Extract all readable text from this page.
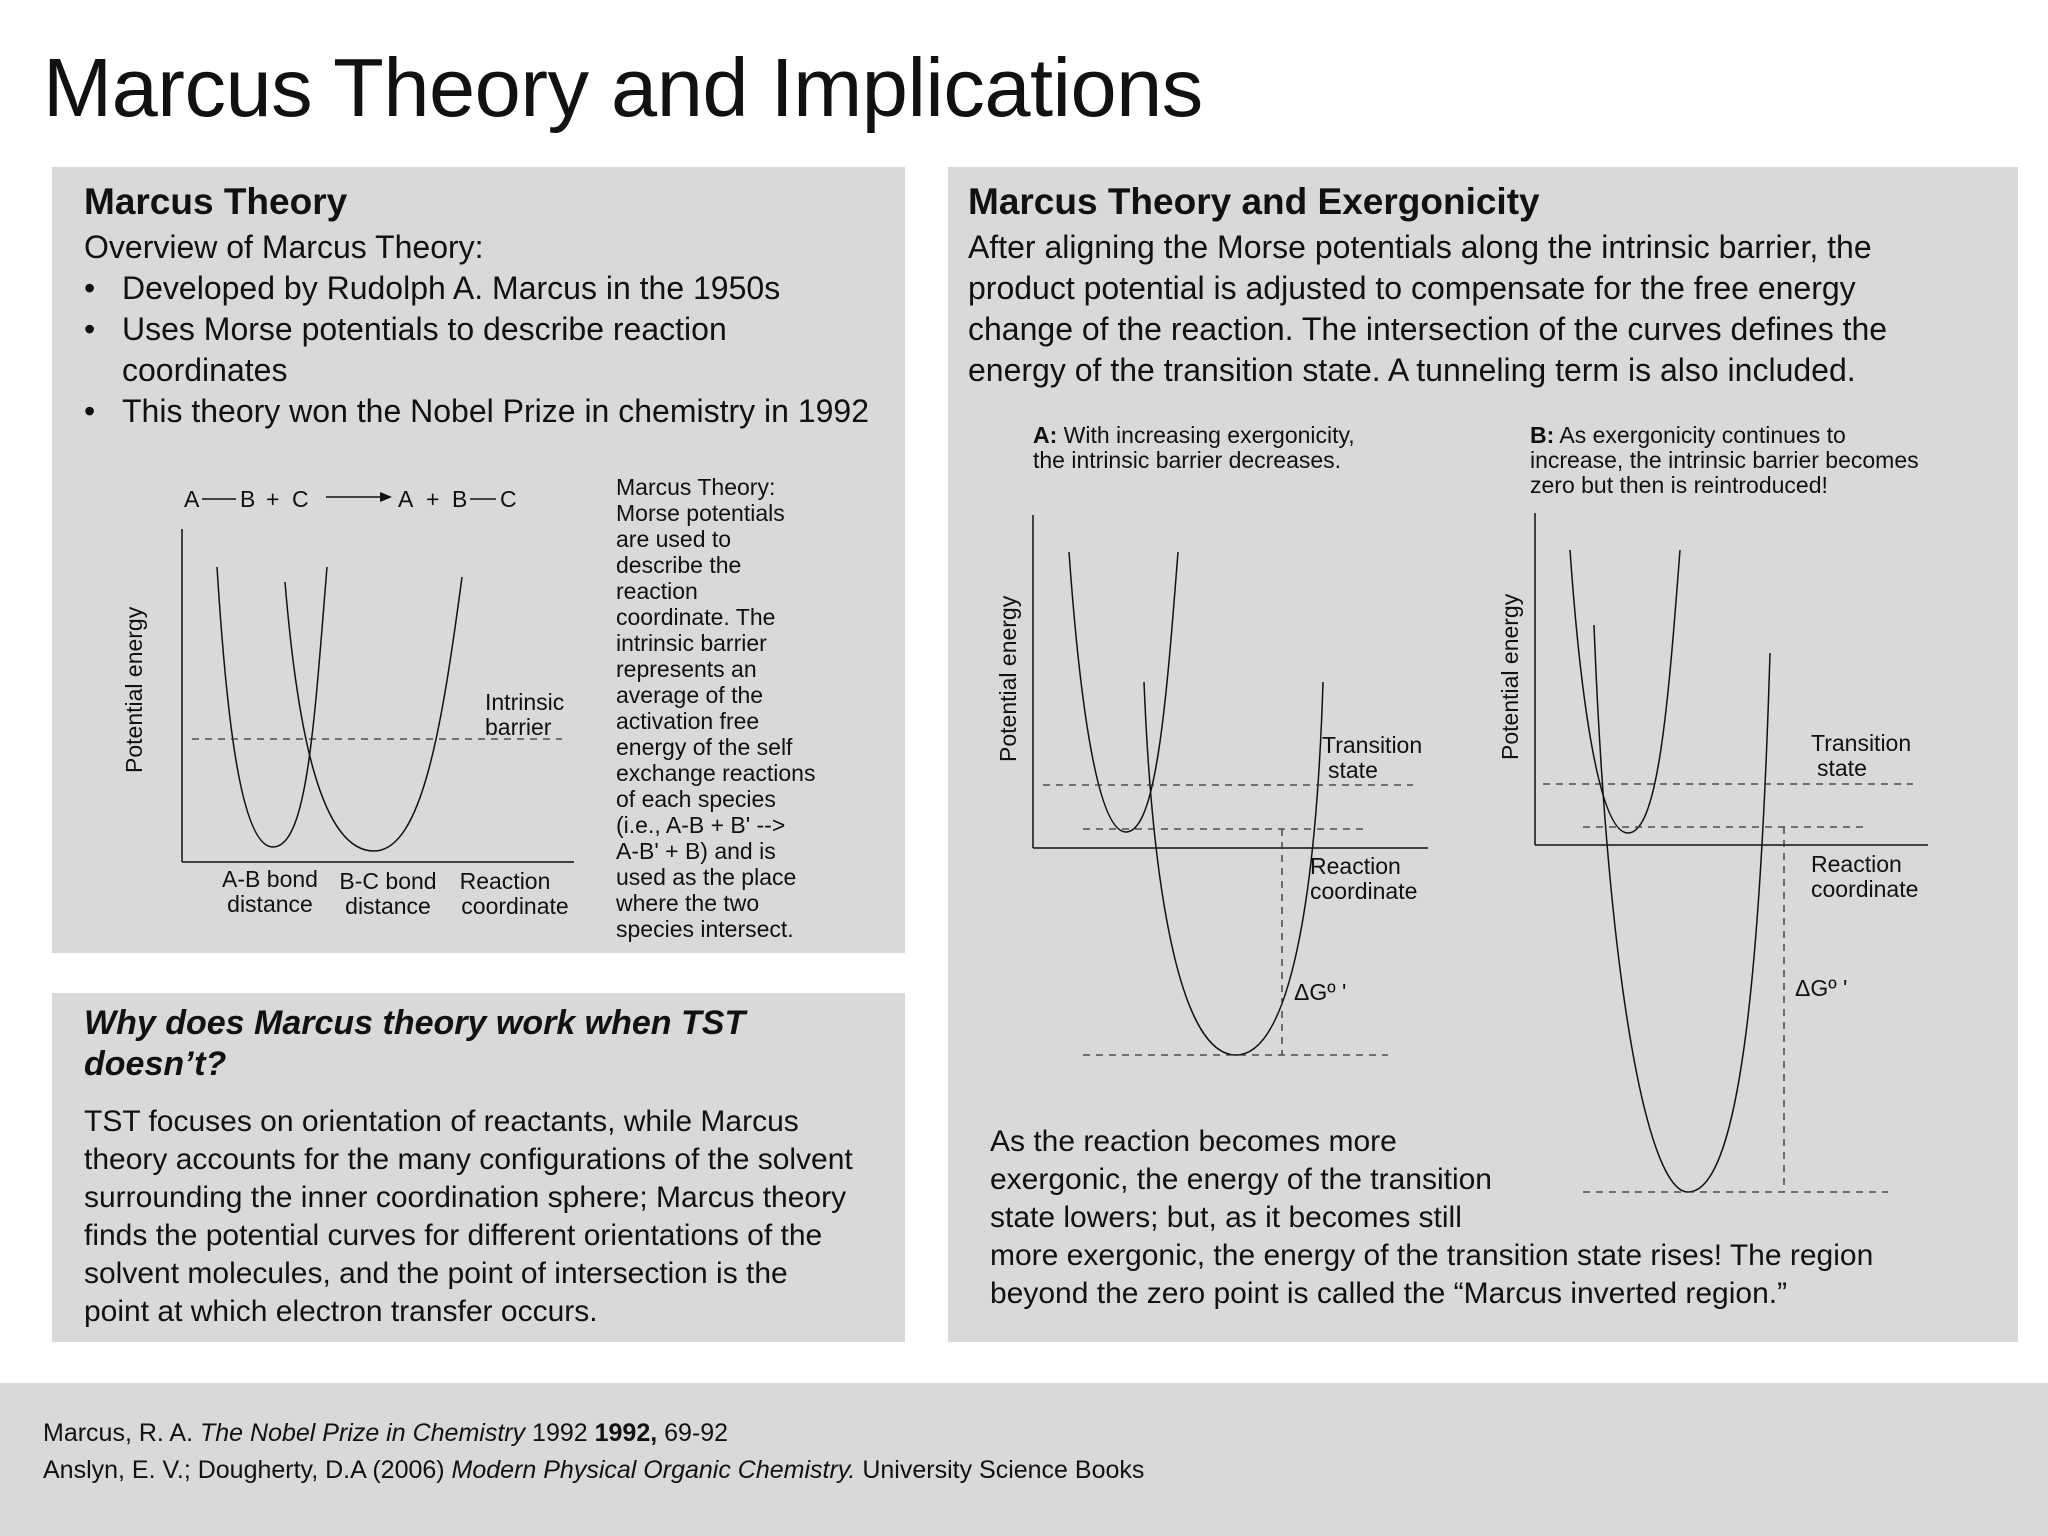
Marcus Theory and Implications
Marcus Theory
Overview of Marcus Theory:
• Developed by Rudolph A. Marcus in the 1950s
• Uses Morse potentials to describe reaction coordinates
• This theory won the Nobel Prize in chemistry in 1992
A B + C	A + B C
Potential energy	Intrinsic
barrier
A-B bond
distance
B-C bond
distance
Reaction
coordinate
Marcus Theory:
Morse potentials
are used to
describe the
reaction
coordinate. The
intrinsic barrier
represents an
average of the
activation free
energy of the self
exchange reactions
of each species
(i.e., A-B + B' -->
A-B' + B) and is
used as the place
where the two
species intersect.
Why does Marcus theory work when TST
doesn’t?
TST focuses on orientation of reactants, while Marcus
theory accounts for the many configurations of the solvent
surrounding the inner coordination sphere; Marcus theory
finds the potential curves for different orientations of the
solvent molecules, and the point of intersection is the
point at which electron transfer occurs.
Marcus Theory and Exergonicity
After aligning the Morse potentials along the intrinsic barrier, the
product potential is adjusted to compensate for the free energy
change of the reaction. The intersection of the curves defines the
energy of the transition state. A tunneling term is also included.
A: With increasing exergonicity,
the intrinsic barrier decreases.
B: As exergonicity continues to
increase, the intrinsic barrier becomes
zero but then is reintroduced!
Potential energy	Transition
state
Reaction
coordinate
ΔGº '
Potential energy	Transition
state
Reaction
coordinate
ΔGº '
As the reaction becomes more
exergonic, the energy of the transition
state lowers; but, as it becomes still
more exergonic, the energy of the transition state rises! The region
beyond the zero point is called the “Marcus inverted region.”
Marcus, R. A. The Nobel Prize in Chemistry 1992 1992, 69-92
Anslyn, E. V.; Dougherty, D.A (2006) Modern Physical Organic Chemistry. University Science Books
